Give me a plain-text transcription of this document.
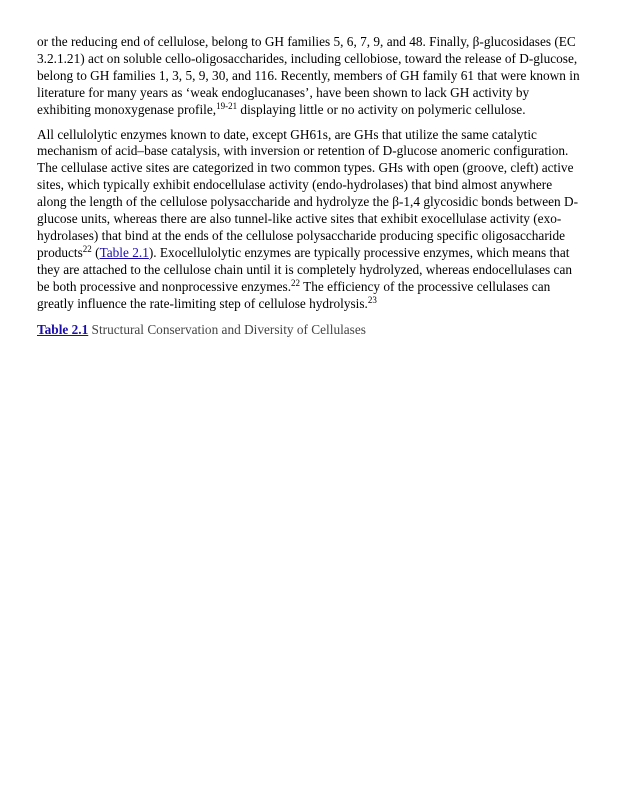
or the reducing end of cellulose, belong to GH families 5, 6, 7, 9, and 48. Finally, β-glucosidases (EC 3.2.1.21) act on soluble cello-oligosaccharides, including cellobiose, toward the release of D-glucose, belong to GH families 1, 3, 5, 9, 30, and 116. Recently, members of GH family 61 that were known in literature for many years as ‘weak endoglucanases’, have been shown to lack GH activity by exhibiting monoxygenase profile,$^{19-21}$ displaying little or no activity on polymeric cellulose.

All cellulolytic enzymes known to date, except GH61s, are GHs that utilize the same catalytic mechanism of acid–base catalysis, with inversion or retention of D-glucose anomeric configuration. The cellulase active sites are categorized in two common types. GHs with open (groove, cleft) active sites, which typically exhibit endocellulase activity (endo-hydrolases) that bind almost anywhere along the length of the cellulose polysaccharide and hydrolyze the β-1,4 glycosidic bonds between D-glucose units, whereas there are also tunnel-like active sites that exhibit exocellulase activity (exo-hydrolases) that bind at the ends of the cellulose polysaccharide producing specific oligosaccharide products$^{22}$ (Table 2.1). Exocellulolytic enzymes are typically processive enzymes, which means that they are attached to the cellulose chain until it is completely hydrolyzed, whereas endocellulases can be both processive and nonprocessive enzymes.$^{22}$ The efficiency of the processive cellulases can greatly influence the rate-limiting step of cellulose hydrolysis.$^{23}$

Table 2.1 Structural Conservation and Diversity of Cellulases
